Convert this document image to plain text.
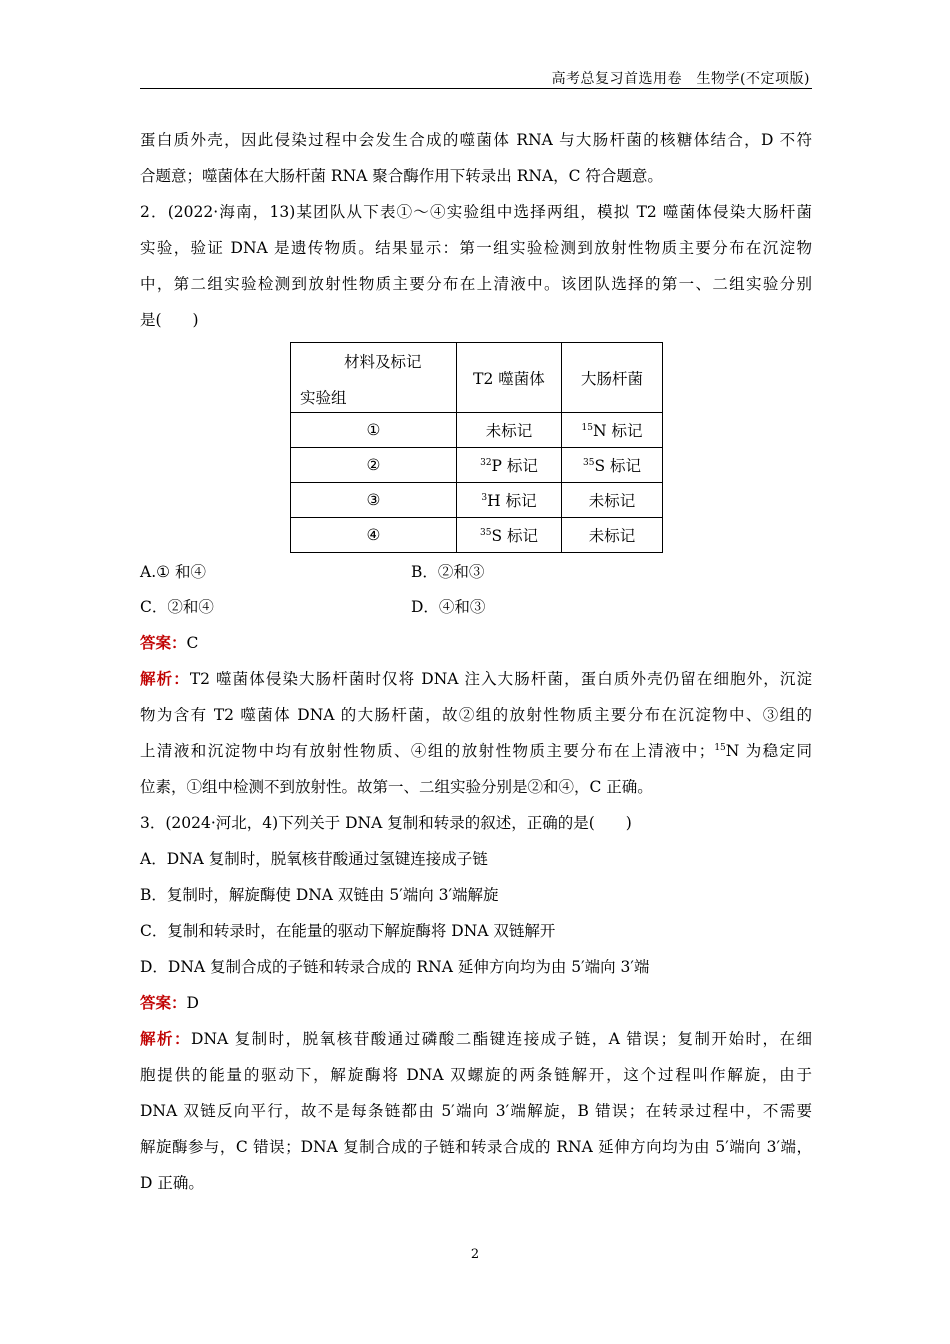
高考总复习首选用卷　生物学(不定项版)
蛋白质外壳，因此侵染过程中会发生合成的噬菌体 RNA 与大肠杆菌的核糖体结合，D 不符
合题意；噬菌体在大肠杆菌 RNA 聚合酶作用下转录出 RNA，C 符合题意。
2．(2022·海南，13)某团队从下表①～④实验组中选择两组，模拟 T2 噬菌体侵染大肠杆菌
实验，验证 DNA 是遗传物质。结果显示：第一组实验检测到放射性物质主要分布在沉淀物
中，第二组实验检测到放射性物质主要分布在上清液中。该团队选择的第一、二组实验分别
是(　　)
材料及标记
实验组	T2 噬菌体	大肠杆菌
①	未标记	$^{15}$N 标记
②	$^{32}$P 标记	$^{35}$S 标记
③	$^3$H 标记	未标记
④	$^{35}$S 标记	未标记
A.① 和④	B．②和③
C．②和④	D．④和③
答案：C
解析：T2 噬菌体侵染大肠杆菌时仅将 DNA 注入大肠杆菌，蛋白质外壳仍留在细胞外，沉淀
物为含有 T2 噬菌体 DNA 的大肠杆菌，故②组的放射性物质主要分布在沉淀物中、③组的
上清液和沉淀物中均有放射性物质、④组的放射性物质主要分布在上清液中；$^{15}$N 为稳定同
位素，①组中检测不到放射性。故第一、二组实验分别是②和④，C 正确。
3．(2024·河北，4)下列关于 DNA 复制和转录的叙述，正确的是(　　)
A．DNA 复制时，脱氧核苷酸通过氢键连接成子链
B．复制时，解旋酶使 DNA 双链由 5′端向 3′端解旋
C．复制和转录时，在能量的驱动下解旋酶将 DNA 双链解开
D．DNA 复制合成的子链和转录合成的 RNA 延伸方向均为由 5′端向 3′端
答案：D
解析：DNA 复制时，脱氧核苷酸通过磷酸二酯键连接成子链，A 错误；复制开始时，在细
胞提供的能量的驱动下，解旋酶将 DNA 双螺旋的两条链解开，这个过程叫作解旋，由于
DNA 双链反向平行，故不是每条链都由 5′端向 3′端解旋，B 错误；在转录过程中，不需要
解旋酶参与，C 错误；DNA 复制合成的子链和转录合成的 RNA 延伸方向均为由 5′端向 3′端，
D 正确。
2
